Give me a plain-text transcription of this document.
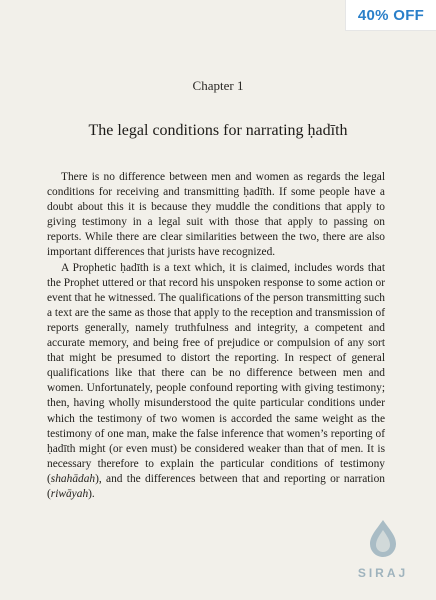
40% OFF
Chapter 1
The legal conditions for narrating ḥadīth

There is no difference between men and women as regards the legal conditions for receiving and transmitting ḥadīth. If some people have a doubt about this it is because they muddle the conditions that apply to giving testimony in a legal suit with those that apply to passing on reports. While there are clear similarities between the two, there are also important differences that jurists have recognized.

A Prophetic ḥadīth is a text which, it is claimed, includes words that the Prophet uttered or that record his unspoken response to some action or event that he witnessed. The qualifications of the person transmitting such a text are the same as those that apply to the reception and transmission of reports generally, namely truthfulness and integrity, a competent and accurate memory, and being free of prejudice or compulsion of any sort that might be presumed to distort the reporting. In respect of general qualifications like that there can be no difference between men and women. Unfortunately, people confound reporting with giving testimony; then, having wholly misunderstood the quite particular conditions under which the testimony of two women is accorded the same weight as the testimony of one man, make the false inference that women’s reporting of ḥadīth might (or even must) be considered weaker than that of men. It is necessary therefore to explain the particular conditions of testimony (shahādah), and the differences between that and reporting or narration (riwāyah).

SIRAJ
